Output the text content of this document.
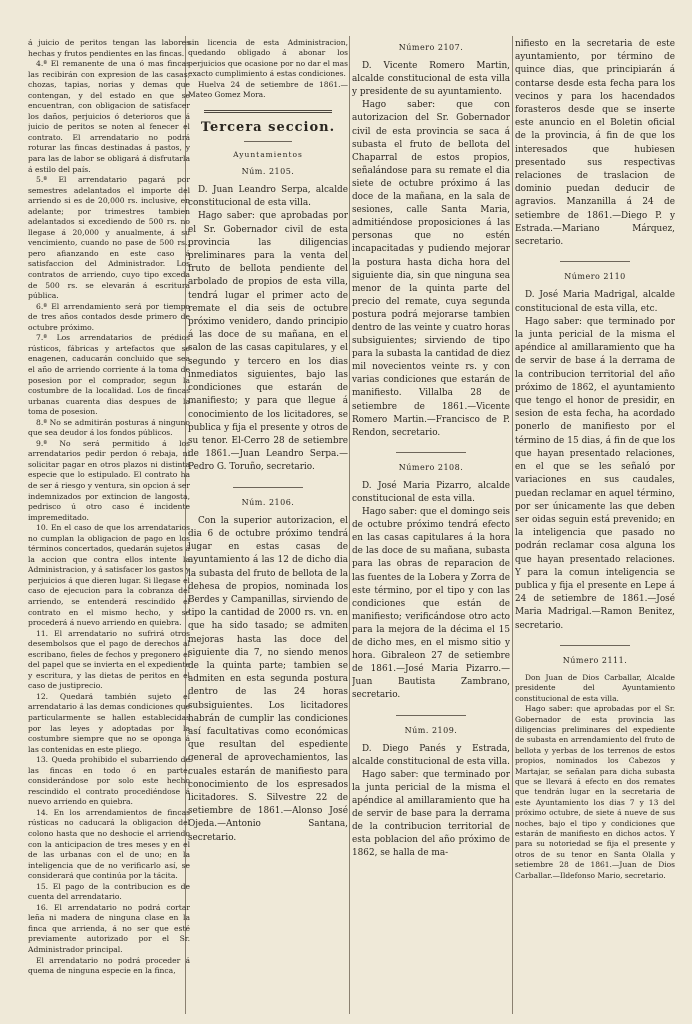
á juicio de peritos tengan las labores hechas y frutos pendientes en las fincas.

4.ª El remanente de una ó mas fincas las recibirán con expresion de las casas, chozas, tapias, norias y demas que contengan, y del estado en que se encuentran, con obligacion de satisfacer los daños, perjuicios ó deterioros que á juicio de peritos se noten al fenecer el contrato. El arrendatario no podrá roturar las fincas destinadas á pastos, y para las de labor se obligará á disfrutarla á estilo del país.

5.ª El arrendatario pagará por semestres adelantados el importe del arriendo si es de 20,000 rs. inclusive, en adelante; por trimestres tambien adelantados si excediendo de 500 rs. no llegase á 20,000 y anualmente, á su vencimiento, cuando no pase de 500 rs.; pero afianzando en este caso á satisfaccion del Administrador. Los contratos de arriendo, cuyo tipo exceda de 500 rs. se elevarán á escritura pública.

6.ª El arrendamiento será por tiempo de tres años contados desde primero de octubre próximo.

7.ª Los arrendatarios de prédios rústicos, fábricas y artefactos que se enagenen, caducarán concluido que sea el año de arriendo corriente á la toma de posesion por el comprador, segun la costumbre de la localidad. Los de fincas urbanas cuarenta dias despues de la toma de posesion.

8.ª No se admitirán posturas á ninguno que sea deudor á los fondos públicos.

9.ª No será permitido á los arrendatarios pedir perdon ó rebaja, ni solicitar pagar en otros plazos ni distinta especie que lo estipulado. El contrato ha de ser á riesgo y ventura, sin opcion á ser indemnizados por extincion de langosta, pedrisco ú otro caso é incidente impremeditado.

10. En el caso de que los arrendatarios no cumplan la obligacion de pago en los términos concertados, quedarán sujetos á la accion que contra ellos intente la Administracion, y á satisfacer los gastos y perjuicios á que dieren lugar. Si llegase el caso de ejecucion para la cobranza del arriendo, se entenderá rescindido el contrato en el mismo hecho, y se procederá á nuevo arriendo en quiebra.

11. El arrendatario no sufrirá otros desembolsos que el pago de derechos al escribano, fieles de fechos y pregonero el del papel que se invierta en el expediente y escritura, y las dietas de peritos en el caso de justiprecio.

12. Quedará también sujeto el arrendatario á las demas condiciones que particularmente se hallen establecidas por las leyes y adoptadas por la costumbre siempre que no se oponga á las contenidas en este pliego.

13. Queda prohibido el subarriendo de las fincas en todo ó en parte, considerándose por solo este hecho rescindido el contrato procediéndose á nuevo arriendo en quiebra.

14. En los arrendamientos de fincas rústicas no caducará la obligacion del colono hasta que no deshocie el arriendo con la anticipacion de tres meses y en el de las urbanas con el de uno; en la inteligencia que de no verificarlo así, se considerará que continúa por la tácita.

15. El pago de la contribucion es de cuenta del arrendatario.

16. El arrendatario no podrá cortar leña ni madera de ninguna clase en la finca que arrienda, á no ser que esté previamente autorizado por el Sr. Administrador principal.

El arrendatario no podrá proceder á quema de ninguna especie en la finca,

sin licencia de esta Administracion, quedando obligado á abonar los perjuicios que ocasione por no dar el mas exacto cumplimiento á estas condiciones.

Huelva 24 de setiembre de 1861.—Mateo Gomez Mora.

Tercera seccion.
Ayuntamientos
Núm. 2105.

D. Juan Leandro Serpa, alcalde constitucional de esta villa.

Hago saber: que aprobadas por el Sr. Gobernador civil de esta provincia las diligencias preliminares para la venta del fruto de bellota pendiente del arbolado de propios de esta villa, tendrá lugar el primer acto de remate el dia seis de octubre próximo venidero, dando principio á las doce de su mañana, en el salon de las casas capitulares, y el segundo y tercero en los dias inmediatos siguientes, bajo las condiciones que estarán de manifiesto; y para que llegue á conocimiento de los licitadores, se publica y fija el presente y otros de su tenor. El-Cerro 28 de setiembre de 1861.—Juan Leandro Serpa.—Pedro G. Toruño, secretario.

Núm. 2106.

Con la superior autorizacion, el dia 6 de octubre próximo tendrá lugar en estas casas de ayuntamiento á las 12 de dicho dia la subasta del fruto de bellota de la dehesa de propios, nominada los Berdes y Campanillas, sirviendo de tipo la cantidad de 2000 rs. vn. en que ha sido tasado; se admiten mejoras hasta las doce del siguiente dia 7, no siendo menos de la quinta parte; tambien se admiten en esta segunda postura dentro de las 24 horas subsiguientes. Los licitadores habrán de cumplir las condiciones así facultativas como económicas que resultan del espediente general de aprovechamientos, las cuales estarán de manifiesto para conocimiento de los espresados licitadores. S. Silvestre 22 de setiembre de 1861.—Alonso José Ojeda.—Antonio Santana, secretario.

Número 2107.

D. Vicente Romero Martin, alcalde constitucional de esta villa y presidente de su ayuntamiento.

Hago saber: que con autorizacion del Sr. Gobernador civil de esta provincia se saca á subasta el fruto de bellota del Chaparral de estos propios, señalándose para su remate el dia siete de octubre próximo á las doce de la mañana, en la sala de sesiones, calle Santa Maria, admitiéndose proposiciones á las personas que no estén incapacitadas y pudiendo mejorar la postura hasta dicha hora del siguiente dia, sin que ninguna sea menor de la quinta parte del precio del remate, cuya segunda postura podrá mejorarse tambien dentro de las veinte y cuatro horas subsiguientes; sirviendo de tipo para la subasta la cantidad de diez mil novecientos veinte rs. y con varias condiciones que estarán de manifiesto. Villalba 28 de setiembre de 1861.—Vicente Romero Martin.—Francisco de P. Rendon, secretario.

Número 2108.

D. José Maria Pizarro, alcalde constitucional de esta villa.

Hago saber: que el domingo seis de octubre próximo tendrá efecto en las casas capitulares á la hora de las doce de su mañana, subasta para las obras de reparacion de las fuentes de la Lobera y Zorra de este término, por el tipo y con las condiciones que están de manifiesto; verificándose otro acto para la mejora de la décima el 15 de dicho mes, en el mismo sitio y hora. Gibraleon 27 de setiembre de 1861.—José Maria Pizarro.—Juan Bautista Zambrano, secretario.

Núm. 2109.

D. Diego Panés y Estrada, alcalde constitucional de esta villa.

Hago saber: que terminado por la junta pericial de la misma el apéndice al amillaramiento que ha de servir de base para la derrama de la contribucion territorial de esta poblacion del año próximo de 1862, se halla de ma-

nifiesto en la secretaria de este ayuntamiento, por término de quince dias, que principiarán á contarse desde esta fecha para los vecinos y para los hacendados forasteros desde que se inserte este anuncio en el Boletin oficial de la provincia, á fin de que los interesados que hubiesen presentado sus respectivas relaciones de traslacion de dominio puedan deducir de agravios. Manzanilla á 24 de setiembre de 1861.—Diego P. y Estrada.—Mariano Márquez, secretario.

Número 2110

D. José Maria Madrigal, alcalde constitucional de esta villa, etc.

Hago saber: que terminado por la junta pericial de la misma el apéndice al amillaramiento que ha de servir de base á la derrama de la contribucion territorial del año próximo de 1862, el ayuntamiento que tengo el honor de presidir, en sesion de esta fecha, ha acordado ponerlo de manifiesto por el término de 15 dias, á fin de que los que hayan presentado relaciones, en el que se les señaló por variaciones en sus caudales, puedan reclamar en aquel término, por ser únicamente las que deben ser oidas seguin está prevenido; en la inteligencia que pasado no podrán reclamar cosa alguna los que hayan presentado relaciones. Y para la comun inteligencia se publica y fija el presente en Lepe á 24 de setiembre de 1861.—José Maria Madrigal.—Ramon Benitez, secretario.

Número 2111.

Don Juan de Dios Carballar, Alcalde presidente del Ayuntamiento constitucional de esta villa.

Hago saber: que aprobadas por el Sr. Gobernador de esta provincia las diligencias preliminares del expediente de subasta en arrendamiento del fruto de bellota y yerbas de los terrenos de estos propios, nominados los Cabezos y Martajar, se señalan para dicha subasta que se llevará á efecto en dos remates que tendrán lugar en la secretaria de este Ayuntamiento los dias 7 y 13 del próximo octubre, de siete á nueve de sus noches, bajo el tipo y condiciones que estarán de manifiesto en dichos actos. Y para su notoriedad se fija el presente y otros de su tenor en Santa Olalla y setiembre 28 de 1861.—Juan de Dios Carballar.—Ildefonso Mario, secretario.
